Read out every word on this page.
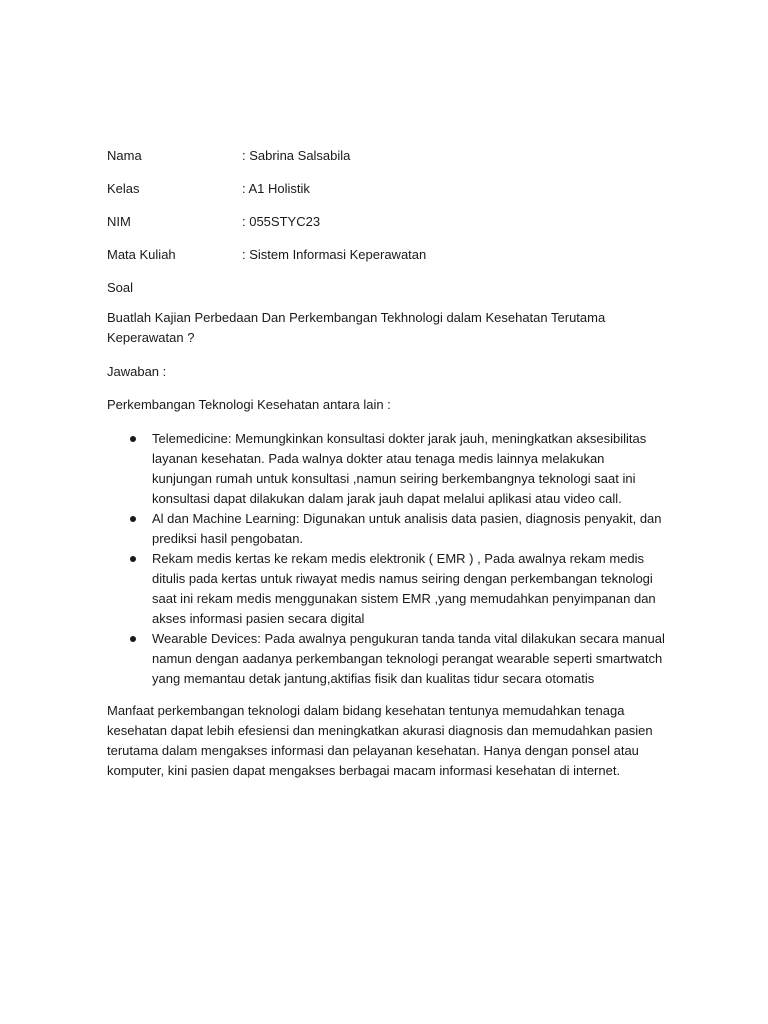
Nama	: Sabrina Salsabila
Kelas	: A1 Holistik
NIM	: 055STYC23
Mata Kuliah	: Sistem Informasi Keperawatan
Soal

Buatlah Kajian Perbedaan Dan Perkembangan Tekhnologi dalam Kesehatan Terutama Keperawatan ?

Jawaban :

Perkembangan Teknologi Kesehatan antara lain :

Telemedicine: Memungkinkan konsultasi dokter jarak jauh, meningkatkan aksesibilitas layanan kesehatan. Pada walnya dokter atau tenaga medis lainnya melakukan kunjungan rumah untuk konsultasi ,namun seiring berkembangnya teknologi saat ini konsultasi dapat dilakukan dalam jarak jauh dapat melalui aplikasi atau video call.
Al dan Machine Learning: Digunakan untuk analisis data pasien, diagnosis penyakit, dan prediksi hasil pengobatan.
Rekam medis kertas ke rekam medis elektronik ( EMR ) , Pada awalnya rekam medis ditulis pada kertas untuk riwayat medis namus seiring dengan perkembangan teknologi saat ini rekam medis menggunakan sistem EMR ,yang memudahkan penyimpanan dan akses informasi pasien secara digital
Wearable Devices: Pada awalnya pengukuran tanda tanda vital dilakukan secara manual namun dengan aadanya perkembangan teknologi perangat wearable seperti smartwatch yang memantau detak jantung,aktifias fisik dan kualitas tidur secara otomatis

Manfaat perkembangan teknologi dalam bidang kesehatan tentunya memudahkan tenaga kesehatan dapat lebih efesiensi dan meningkatkan akurasi diagnosis dan memudahkan pasien terutama dalam mengakses informasi dan pelayanan kesehatan. Hanya dengan ponsel atau komputer, kini pasien dapat mengakses berbagai macam informasi kesehatan di internet.
